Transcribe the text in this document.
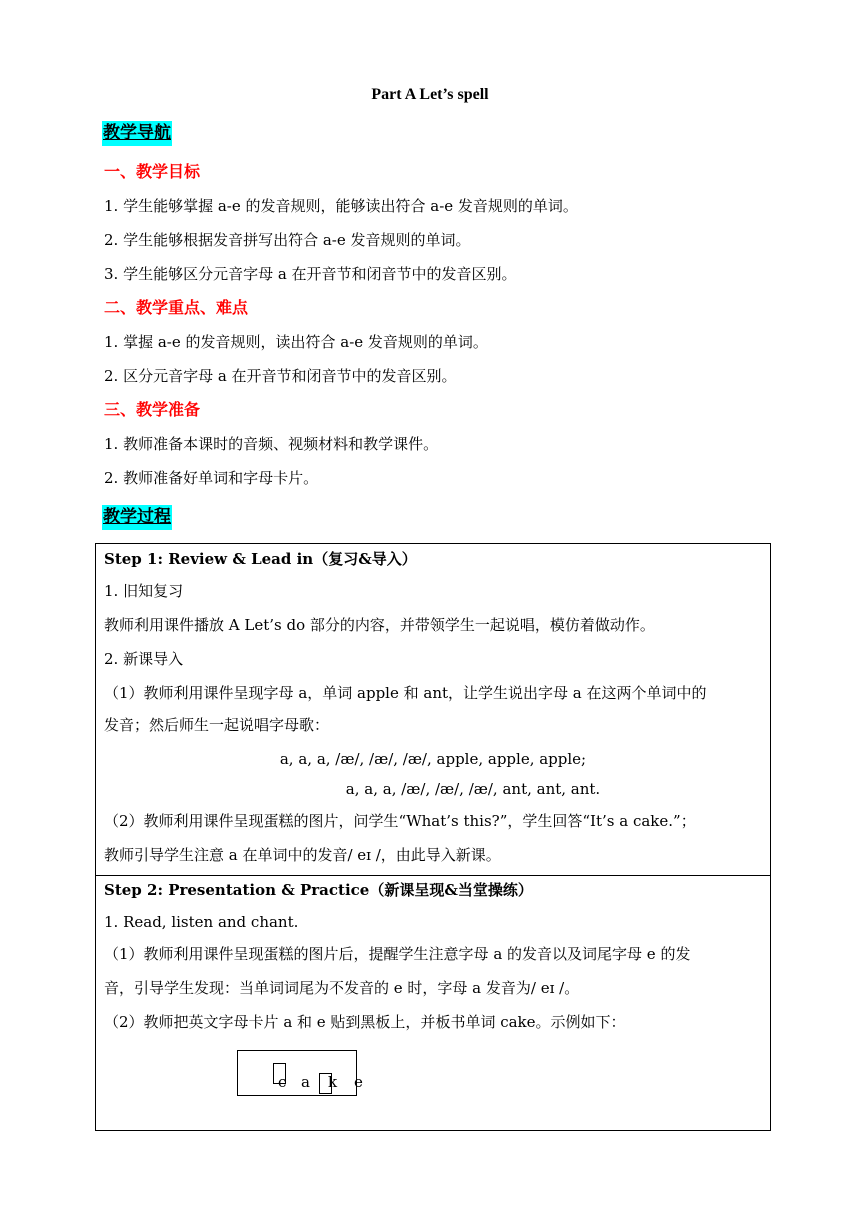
Part A Let’s spell
教学导航
一、教学目标
1. 学生能够掌握 a-e 的发音规则，能够读出符合 a-e 发音规则的单词。
2. 学生能够根据发音拼写出符合 a-e 发音规则的单词。
3. 学生能够区分元音字母 a 在开音节和闭音节中的发音区别。
二、教学重点、难点
1. 掌握 a-e 的发音规则，读出符合 a-e 发音规则的单词。
2. 区分元音字母 a 在开音节和闭音节中的发音区别。
三、教学准备
1. 教师准备本课时的音频、视频材料和教学课件。
2. 教师准备好单词和字母卡片。
教学过程
Step 1: Review & Lead in（复习&导入）
1. 旧知复习
教师利用课件播放 A Let’s do 部分的内容，并带领学生一起说唱，模仿着做动作。
2. 新课导入
（1）教师利用课件呈现字母 a，单词 apple 和 ant，让学生说出字母 a 在这两个单词中的
发音；然后师生一起说唱字母歌：
a, a, a, /æ/, /æ/, /æ/, apple, apple, apple;
a, a, a, /æ/, /æ/, /æ/, ant, ant, ant.
（2）教师利用课件呈现蛋糕的图片，问学生“What’s this?”，学生回答“It’s a cake.”；
教师引导学生注意 a 在单词中的发音/ eɪ /，由此导入新课。
Step 2: Presentation & Practice（新课呈现&当堂操练）
1. Read, listen and chant.
（1）教师利用课件呈现蛋糕的图片后，提醒学生注意字母 a 的发音以及词尾字母 e 的发
音，引导学生发现：当单词词尾为不发音的 e 时，字母 a 发音为/ eɪ /。
（2）教师把英文字母卡片 a 和 e 贴到黑板上，并板书单词 cake。示例如下：
c a k e
